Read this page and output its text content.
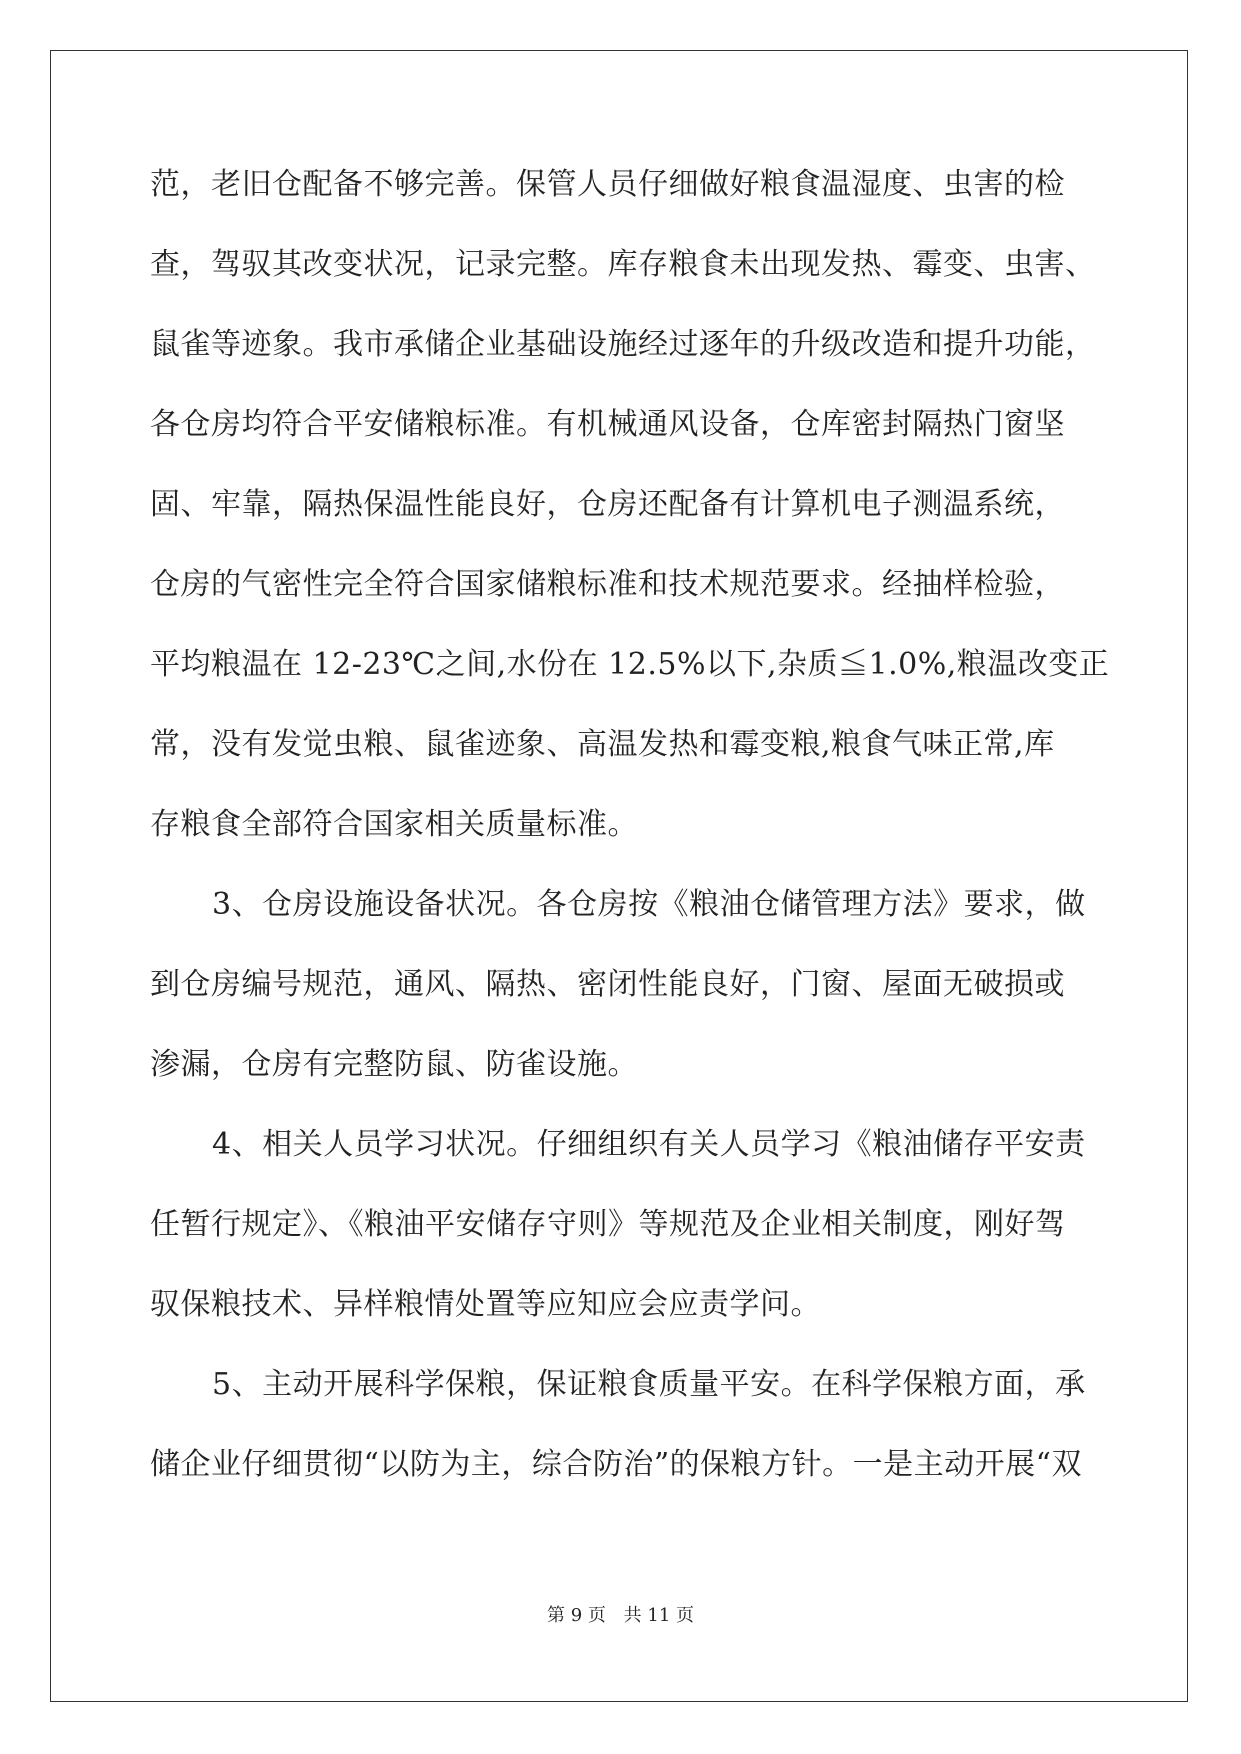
范，老旧仓配备不够完善。保管人员仔细做好粮食温湿度、虫害的检
查，驾驭其改变状况，记录完整。库存粮食未出现发热、霉变、虫害、
鼠雀等迹象。我市承储企业基础设施经过逐年的升级改造和提升功能，
各仓房均符合平安储粮标准。有机械通风设备，仓库密封隔热门窗坚
固、牢靠，隔热保温性能良好，仓房还配备有计算机电子测温系统，
仓房的气密性完全符合国家储粮标准和技术规范要求。经抽样检验，
平均粮温在 12-23℃之间,水份在 12.5%以下,杂质≦1.0%,粮温改变正
常，没有发觉虫粮、鼠雀迹象、高温发热和霉变粮,粮食气味正常,库
存粮食全部符合国家相关质量标准。
3、仓房设施设备状况。各仓房按《粮油仓储管理方法》要求，做
到仓房编号规范，通风、隔热、密闭性能良好，门窗、屋面无破损或
渗漏，仓房有完整防鼠、防雀设施。
4、相关人员学习状况。仔细组织有关人员学习《粮油储存平安责
任暂行规定》、《粮油平安储存守则》等规范及企业相关制度，刚好驾
驭保粮技术、异样粮情处置等应知应会应责学问。
5、主动开展科学保粮，保证粮食质量平安。在科学保粮方面，承
储企业仔细贯彻“以防为主，综合防治”的保粮方针。一是主动开展“双
第 9 页 共 11 页
